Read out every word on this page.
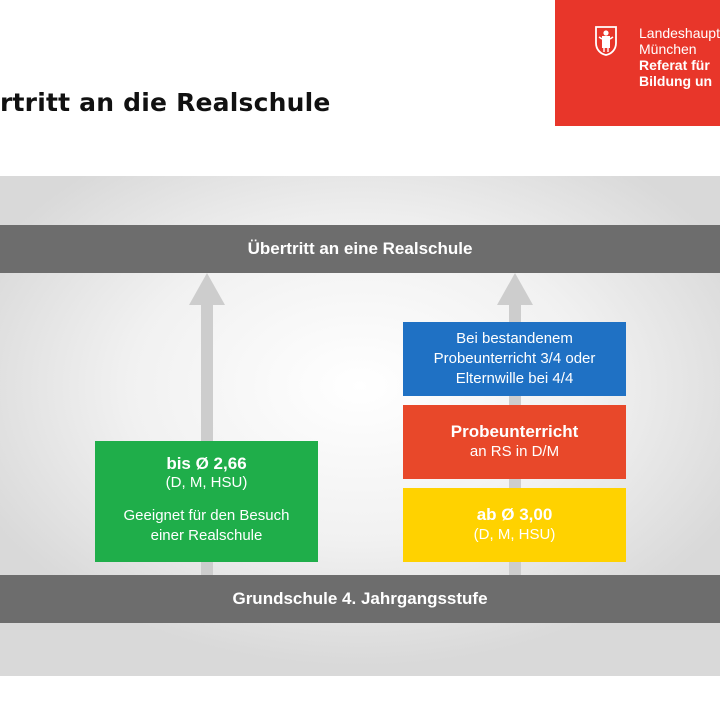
rtritt an die Realschule
Landeshaupt
München
Referat für
Bildung un
Übertritt an eine Realschule
bis Ø 2,66
(D, M, HSU)
Geeignet für den Besuch
einer Realschule
Bei bestandenem
Probeunterricht 3/4 oder
Elternwille bei 4/4
Probeunterricht
an RS in D/M
ab Ø 3,00
(D, M, HSU)
Grundschule 4. Jahrgangsstufe
